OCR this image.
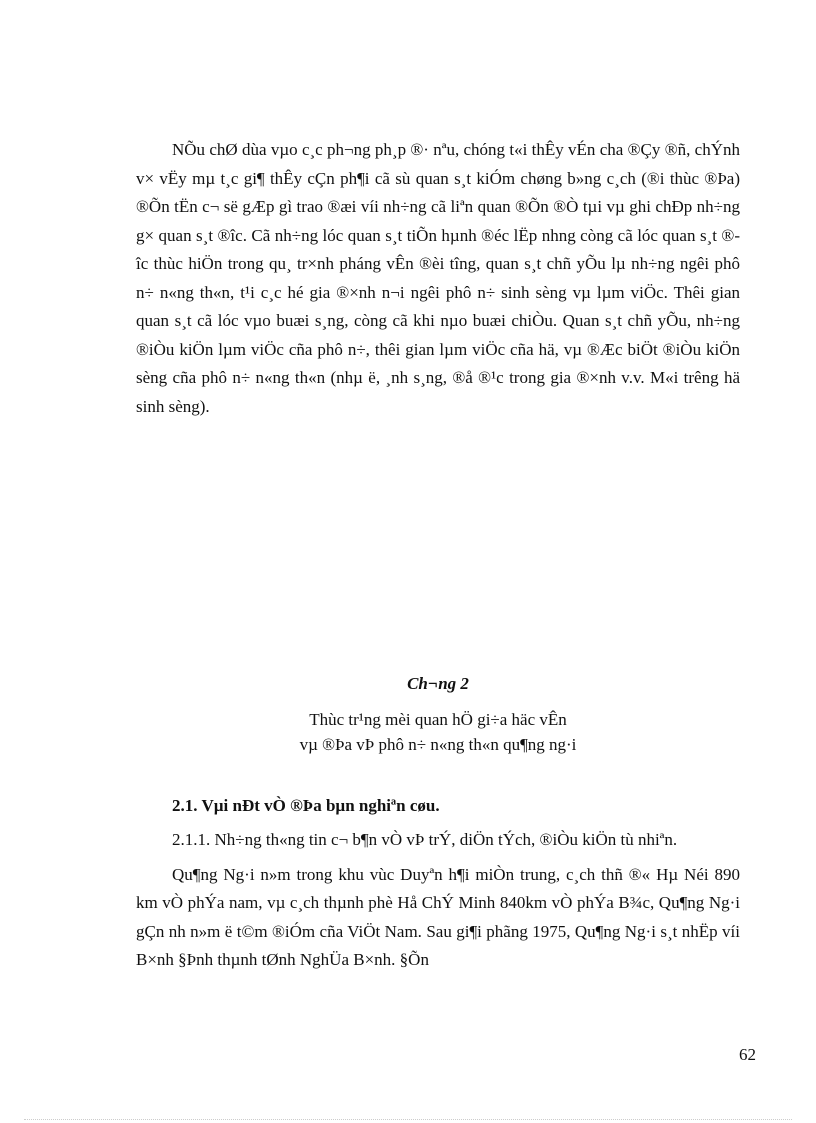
NÕu chØ dùa vµo c¸c ph¬ng ph¸p ®· nªu, chóng t«i thÊy vÉn cha ®Çy ®ñ, chÝnh v× vËy mµ t¸c gi¶ thÊy cÇn ph¶i cã sù quan s¸t kiÓm chøng b»ng c¸ch (®i thùc ®Þa) ®Õn tËn c¬ së gÆp gì trao ®æi víi nh÷ng cã liªn quan ®Õn ®Ò tµi vµ ghi chÐp nh÷ng g× quan s¸t ®îc. Cã nh÷ng lóc quan s¸t tiÕn hµnh ®éc lËp nhng còng cã lóc quan s¸t ®îc thùc hiÖn trong qu¸ tr×nh pháng vÊn ®èi tîng, quan s¸t chñ yÕu lµ nh÷ng ngêi phô n÷ n«ng th«n, t¹i c¸c hé gia ®×nh n¬i ngêi phô n÷ sinh sèng vµ lµm viÖc. Thêi gian quan s¸t cã lóc vµo buæi s¸ng, còng cã khi nµo buæi chiÒu. Quan s¸t chñ yÕu, nh÷ng ®iÒu kiÖn lµm viÖc cña phô n÷, thêi gian lµm viÖc cña hä, vµ ®Æc biÖt ®iÒu kiÖn sèng cña phô n÷ n«ng th«n (nhµ ë, ¸nh s¸ng, ®å ®¹c trong gia ®×nh v.v. M«i trêng hä sinh sèng).

Ch¬ng 2
Thùc tr¹ng mèi quan hÖ gi÷a häc vÊn
vµ ®Þa vÞ phô n÷ n«ng th«n qu¶ng ng·i
2.1. Vµi nÐt vÒ ®Þa bµn nghiªn cøu.

2.1.1. Nh÷ng th«ng tin c¬ b¶n vÒ vÞ trÝ, diÖn tÝch, ®iÒu kiÖn tù nhiªn.

Qu¶ng Ng·i n»m trong khu vùc Duyªn h¶i miÒn trung, c¸ch thñ ®« Hµ Néi 890 km vÒ phÝa nam, vµ c¸ch thµnh phè Hå ChÝ Minh 840km vÒ phÝa B¾c, Qu¶ng Ng·i gÇn nh n»m ë t©m ®iÓm cña ViÖt Nam. Sau gi¶i phãng 1975, Qu¶ng Ng·i s¸t nhËp víi B×nh §Þnh thµnh tØnh NghÜa B×nh. §Õn

62
